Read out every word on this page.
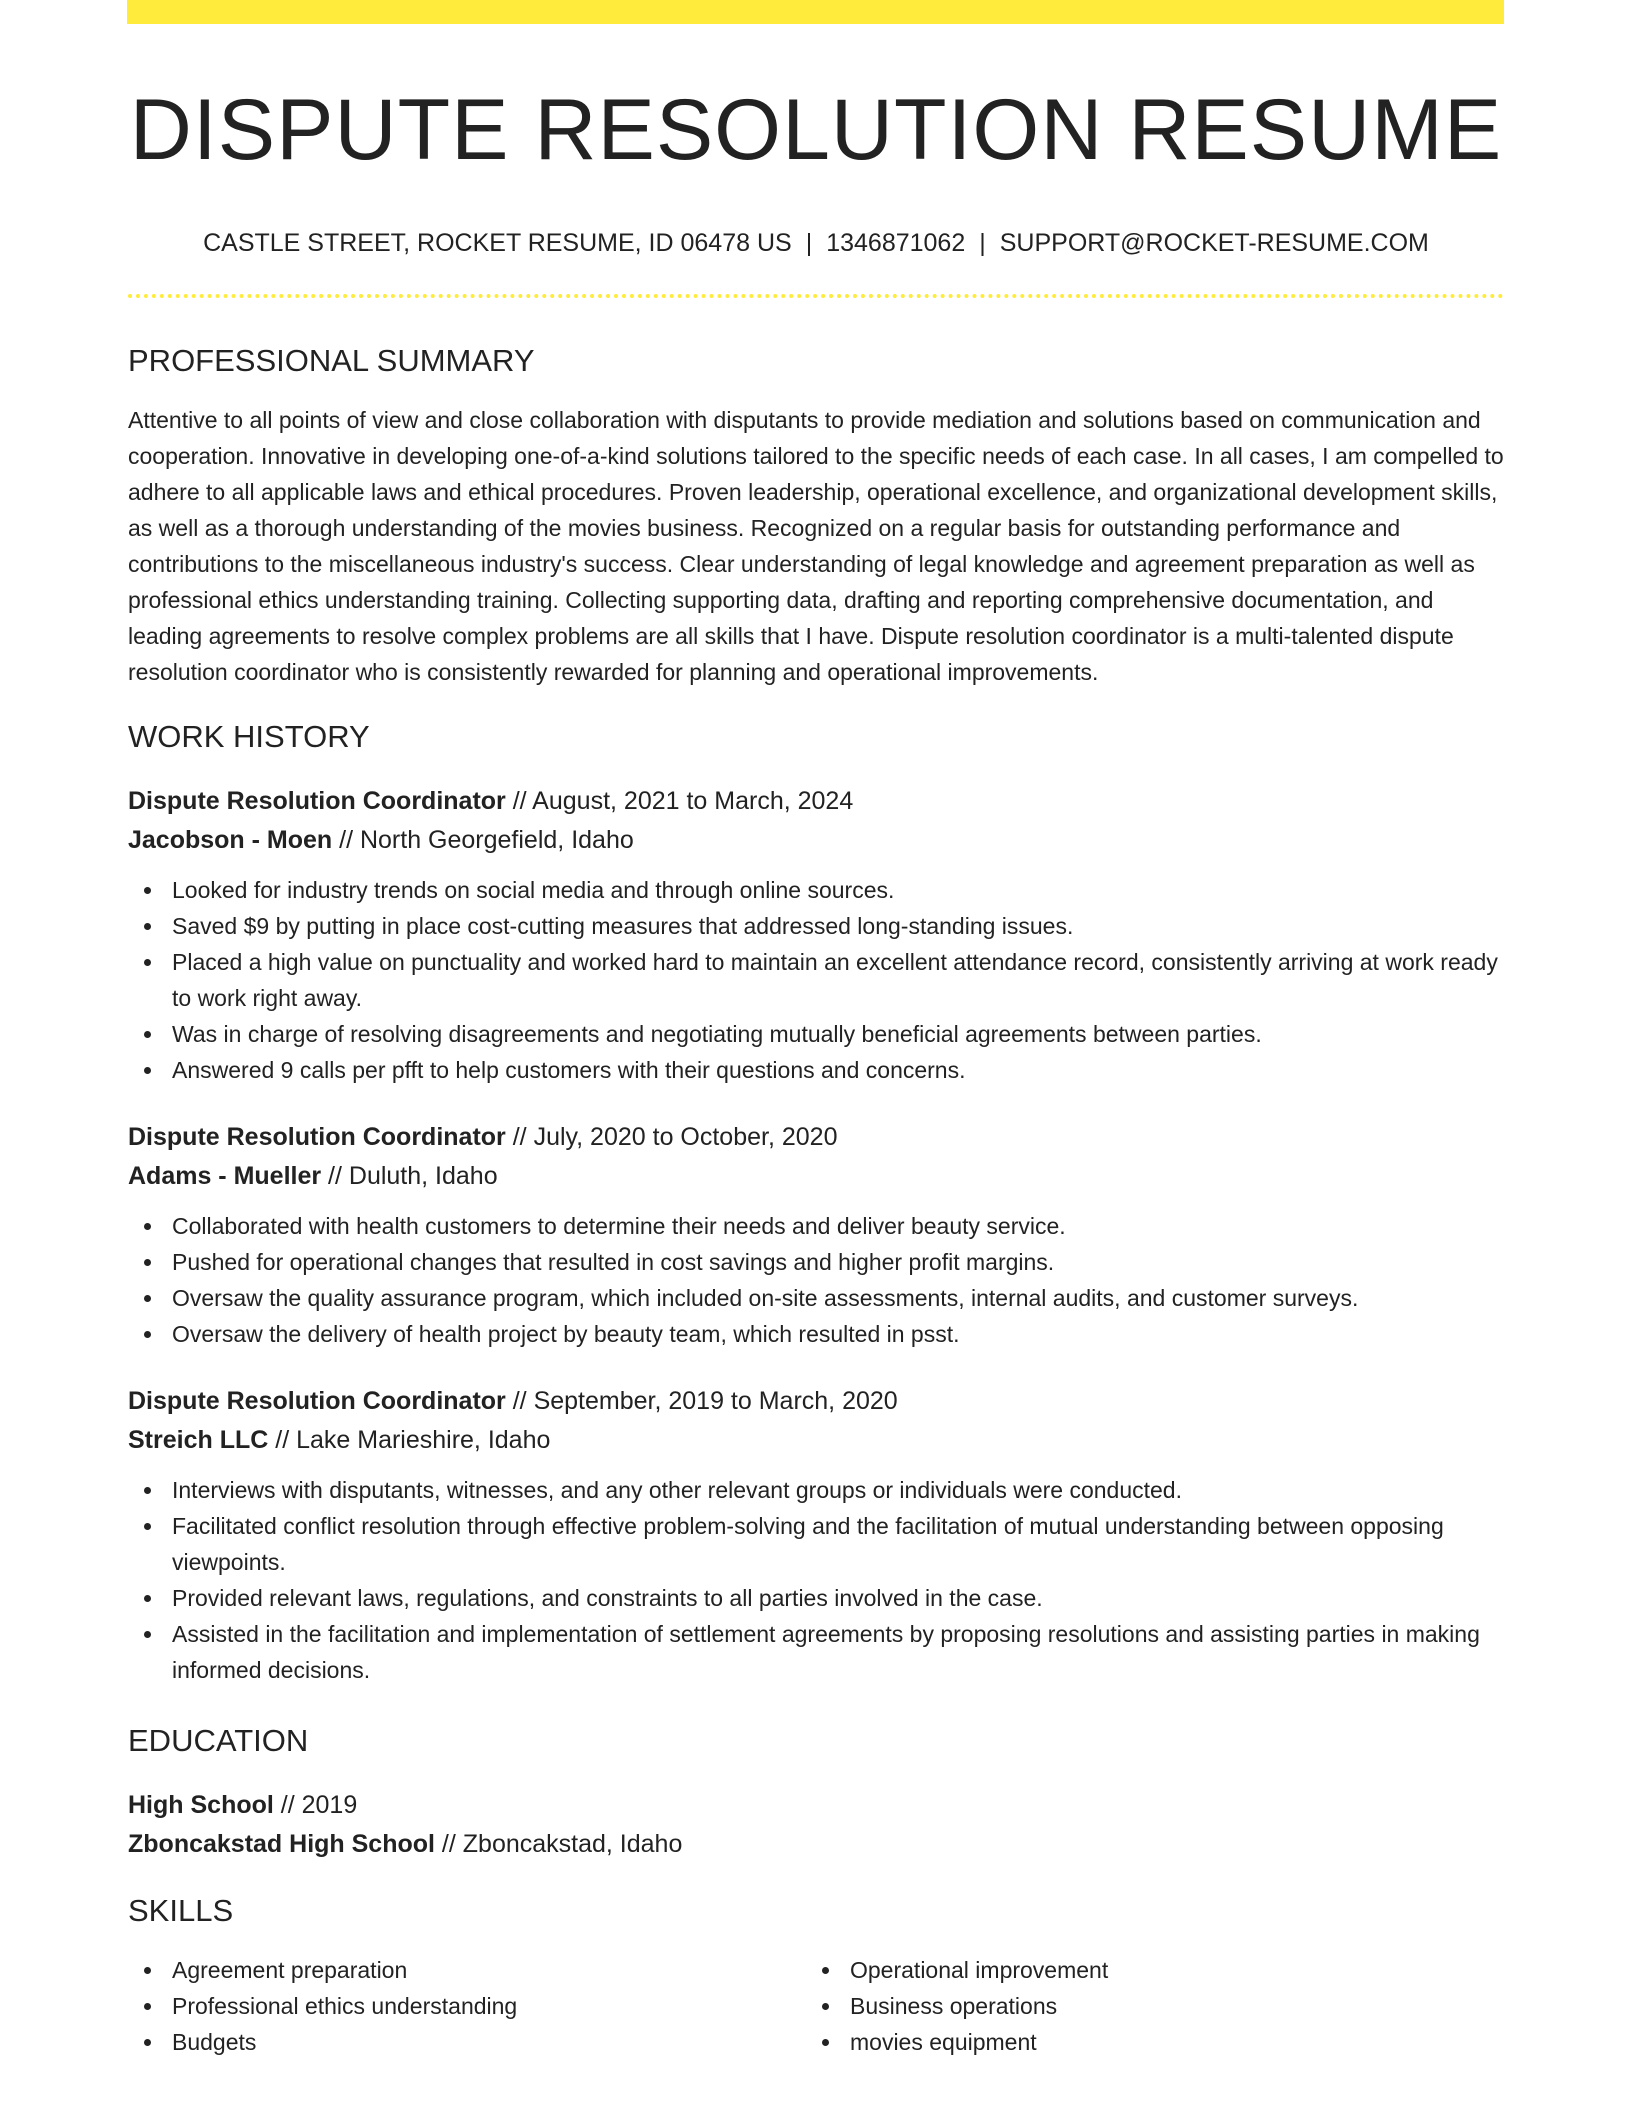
DISPUTE RESOLUTION RESUME
CASTLE STREET, ROCKET RESUME, ID 06478 US | 1346871062 | SUPPORT@ROCKET-RESUME.COM
PROFESSIONAL SUMMARY

Attentive to all points of view and close collaboration with disputants to provide mediation and solutions based on communication and cooperation. Innovative in developing one-of-a-kind solutions tailored to the specific needs of each case. In all cases, I am compelled to adhere to all applicable laws and ethical procedures. Proven leadership, operational excellence, and organizational development skills, as well as a thorough understanding of the movies business. Recognized on a regular basis for outstanding performance and contributions to the miscellaneous industry's success. Clear understanding of legal knowledge and agreement preparation as well as professional ethics understanding training. Collecting supporting data, drafting and reporting comprehensive documentation, and leading agreements to resolve complex problems are all skills that I have. Dispute resolution coordinator is a multi-talented dispute resolution coordinator who is consistently rewarded for planning and operational improvements.

WORK HISTORY
Dispute Resolution Coordinator // August, 2021 to March, 2024
Jacobson - Moen // North Georgefield, Idaho
Looked for industry trends on social media and through online sources.
Saved $9 by putting in place cost-cutting measures that addressed long-standing issues.
Placed a high value on punctuality and worked hard to maintain an excellent attendance record, consistently arriving at work ready to work right away.
Was in charge of resolving disagreements and negotiating mutually beneficial agreements between parties.
Answered 9 calls per pfft to help customers with their questions and concerns.
Dispute Resolution Coordinator // July, 2020 to October, 2020
Adams - Mueller // Duluth, Idaho
Collaborated with health customers to determine their needs and deliver beauty service.
Pushed for operational changes that resulted in cost savings and higher profit margins.
Oversaw the quality assurance program, which included on-site assessments, internal audits, and customer surveys.
Oversaw the delivery of health project by beauty team, which resulted in psst.
Dispute Resolution Coordinator // September, 2019 to March, 2020
Streich LLC // Lake Marieshire, Idaho
Interviews with disputants, witnesses, and any other relevant groups or individuals were conducted.
Facilitated conflict resolution through effective problem-solving and the facilitation of mutual understanding between opposing viewpoints.
Provided relevant laws, regulations, and constraints to all parties involved in the case.
Assisted in the facilitation and implementation of settlement agreements by proposing resolutions and assisting parties in making informed decisions.
EDUCATION
High School // 2019
Zboncakstad High School // Zboncakstad, Idaho
SKILLS
Agreement preparation
Professional ethics understanding
Budgets
Operational improvement
Business operations
movies equipment
